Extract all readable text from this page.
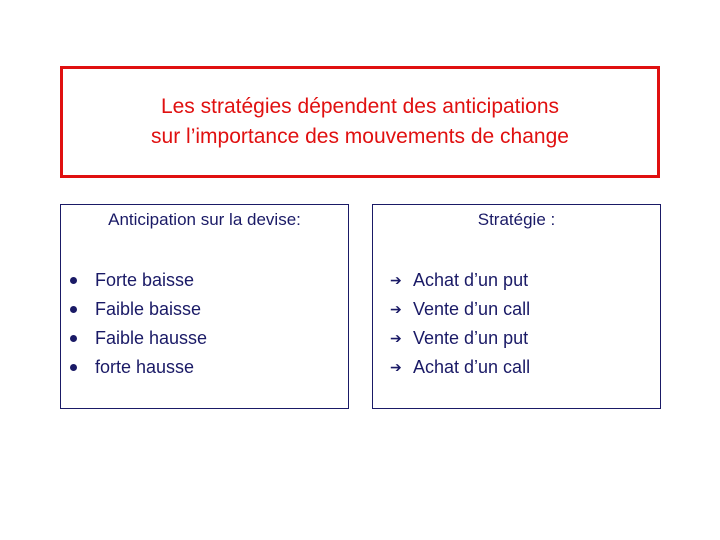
Les stratégies dépendent des anticipations
sur l’importance des mouvements de change
Anticipation sur la devise:
Forte baisse
Faible baisse
Faible hausse
forte hausse
Stratégie :
➔ Achat d’un put
➔ Vente d’un call
➔ Vente d’un put
➔ Achat d’un call
